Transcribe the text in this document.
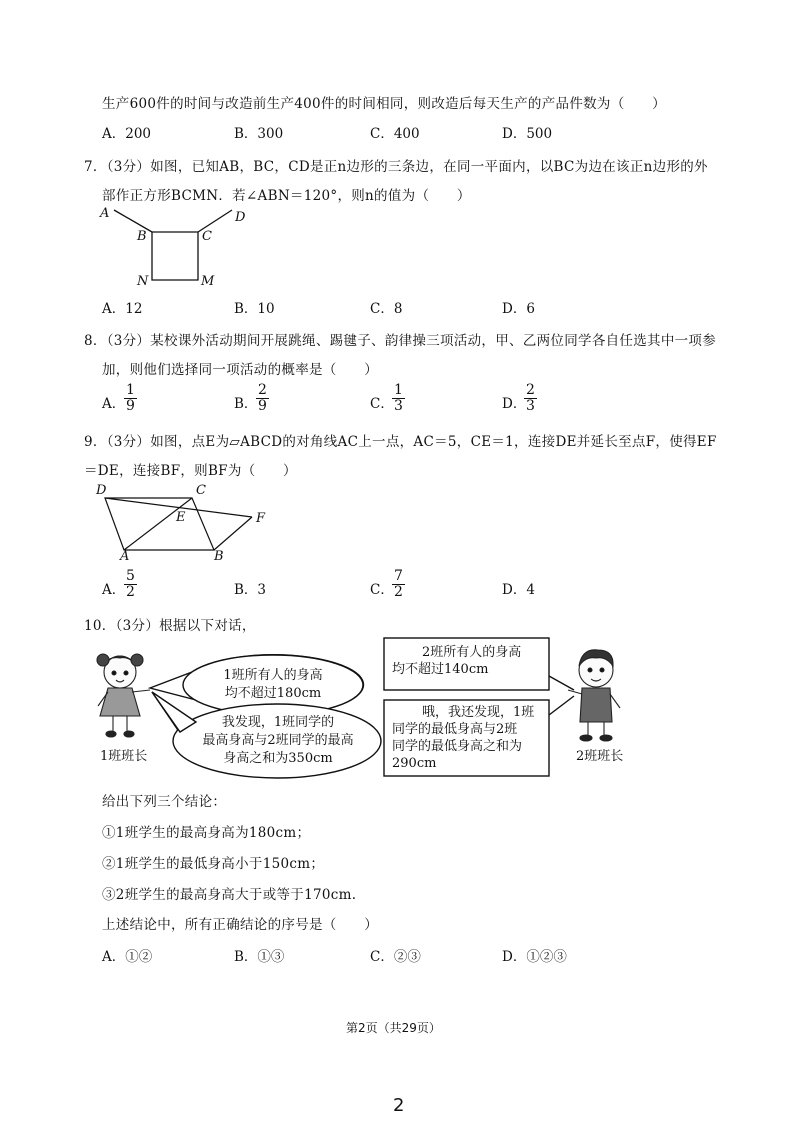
生产600件的时间与改造前生产400件的时间相同，则改造后每天生产的产品件数为（　　）
A．200	B．300	C．400	D．500
7．（3分）如图，已知AB，BC，CD是正n边形的三条边，在同一平面内，以BC为边在该正n边形的外
部作正方形BCMN．若∠ABN＝120°，则n的值为（　　）
A
B	C
D
N	M
A．12	B．10	C．8	D．6
8．（3分）某校课外活动期间开展跳绳、踢毽子、韵律操三项活动，甲、乙两位同学各自任选其中一项参
加，则他们选择同一项活动的概率是（　　）
A．
$\frac{1}{9}$	B．
$\frac{2}{9}$	C．
$\frac{1}{3}$	D．
$\frac{2}{3}$
9．（3分）如图，点E为▱ABCD的对角线AC上一点，AC＝5，CE＝1，连接DE并延长至点F，使得EF
＝DE，连接BF，则BF为（　　）
D	C
E	F
A	B
A．
$\frac{5}{2}$	B．3	C．
$\frac{7}{2}$	D．4
10．（3分）根据以下对话，
1班所有人的身高
均不超过180cm
我发现，1班同学的
最高身高与2班同学的最高
身高之和为350cm
2班所有人的身高
均不超过140cm
哦，我还发现，1班
同学的最低身高与2班
同学的最低身高之和为
290cm
1班班长	2班班长
给出下列三个结论：
①1班学生的最高身高为180cm；
②1班学生的最低身高小于150cm；
③2班学生的最高身高大于或等于170cm.
上述结论中，所有正确结论的序号是（　　）
A．①②	B．①③	C．②③	D．①②③
第2页（共29页）
2
